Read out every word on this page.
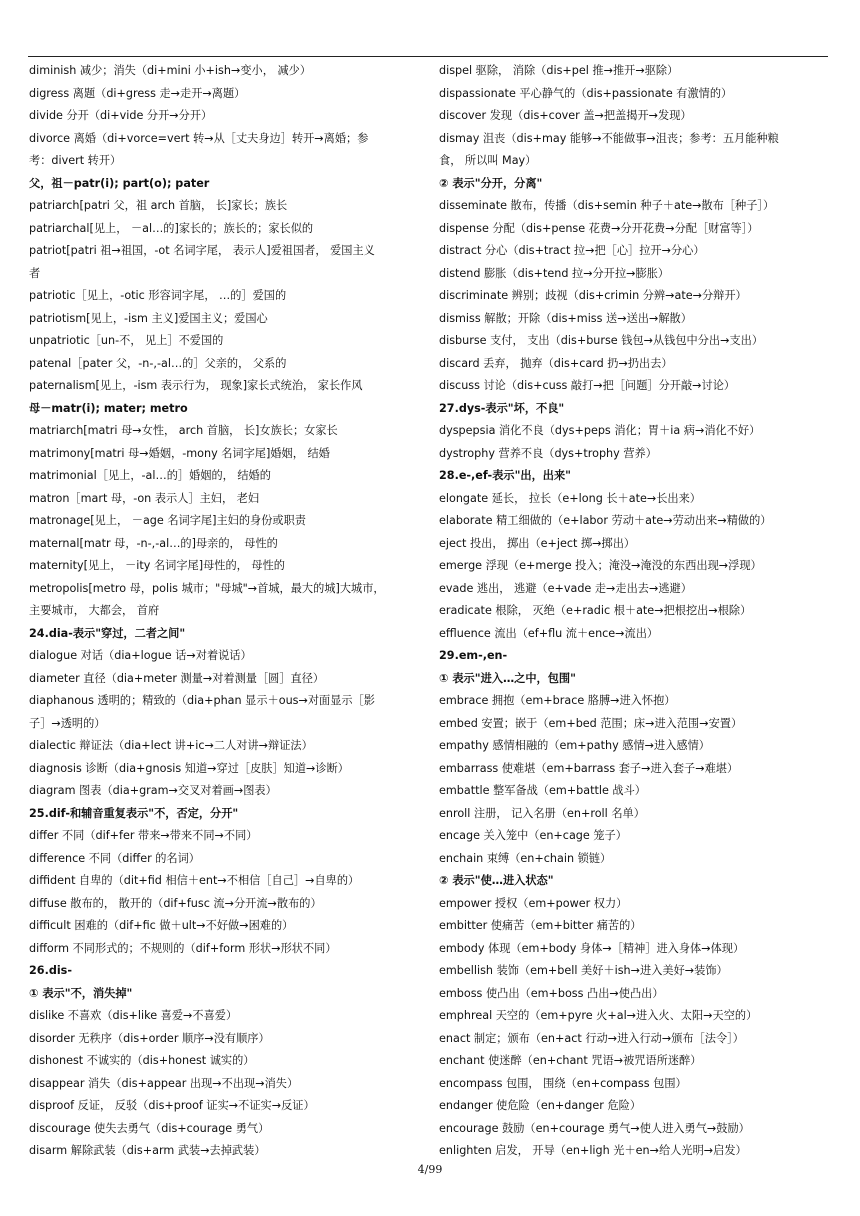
diminish 减少；消失（di+mini 小+ish→变小， 减少）
digress 离题（di+gress 走→走开→离题）
divide 分开（di+vide 分开→分开）
divorce 离婚（di+vorce=vert 转→从［丈夫身边］转开→离婚；参
考：divert 转开）
父，祖－patr(i); part(o); pater
patriarch[patri 父，祖 arch 首脑， 长]家长；族长
patriarchal[见上， －al…的]家长的；族长的；家长似的
patriot[patri 祖→祖国，-ot 名词字尾， 表示人]爱祖国者， 爱国主义
者
patriotic［见上，-otic 形容词字尾， …的］爱国的
patriotism[见上，-ism 主义]爱国主义；爱国心
unpatriotic［un-不， 见上］不爱国的
patenal［pater 父，-n-,-al…的］父亲的， 父系的
paternalism[见上，-ism 表示行为， 现象]家长式统治， 家长作风
母－matr(i); mater; metro
matriarch[matri 母→女性， arch 首脑， 长]女族长；女家长
matrimony[matri 母→婚姻，-mony 名词字尾]婚姻， 结婚
matrimonial［见上，-al…的］婚姻的， 结婚的
matron［mart 母，-on 表示人］主妇， 老妇
matronage[见上， －age 名词字尾]主妇的身份或职责
maternal[matr 母，-n-,-al…的]母亲的， 母性的
maternity[见上， －ity 名词字尾]母性的， 母性的
metropolis[metro 母，polis 城市；"母城"→首城，最大的城]大城市，
主要城市， 大都会， 首府
24.dia-表示"穿过，二者之间"
dialogue 对话（dia+logue 话→对着说话）
diameter 直径（dia+meter 测量→对着测量［圆］直径）
diaphanous 透明的；精致的（dia+phan 显示＋ous→对面显示［影
子］→透明的）
dialectic 辩证法（dia+lect 讲+ic→二人对讲→辩证法）
diagnosis 诊断（dia+gnosis 知道→穿过［皮肤］知道→诊断）
diagram 图表（dia+gram→交叉对着画→图表）
25.dif-和辅音重复表示"不，否定，分开"
differ 不同（dif+fer 带来→带来不同→不同）
difference 不同（differ 的名词）
diffident 自卑的（dit+fid 相信＋ent→不相信［自己］→自卑的）
diffuse 散布的， 散开的（dif+fusc 流→分开流→散布的）
difficult 困难的（dif+fic 做＋ult→不好做→困难的）
difform 不同形式的；不规则的（dif+form 形状→形状不同）
26.dis-
① 表示"不，消失掉"
dislike 不喜欢（dis+like 喜爱→不喜爱）
disorder 无秩序（dis+order 顺序→没有顺序）
dishonest 不诚实的（dis+honest 诚实的）
disappear 消失（dis+appear 出现→不出现→消失）
disproof 反证， 反驳（dis+proof 证实→不证实→反证）
discourage 使失去勇气（dis+courage 勇气）
disarm 解除武装（dis+arm 武装→去掉武装）
dispel 驱除， 消除（dis+pel 推→推开→驱除）
dispassionate 平心静气的（dis+passionate 有激情的）
discover 发现（dis+cover 盖→把盖揭开→发现）
dismay 沮丧（dis+may 能够→不能做事→沮丧；参考：五月能种粮
食， 所以叫 May）
② 表示"分开，分离"
disseminate 散布，传播（dis+semin 种子＋ate→散布［种子］）
dispense 分配（dis+pense 花费→分开花费→分配［财富等］）
distract 分心（dis+tract 拉→把［心］拉开→分心）
distend 膨胀（dis+tend 拉→分开拉→膨胀）
discriminate 辨别；歧视（dis+crimin 分辨→ate→分辩开）
dismiss 解散；开除（dis+miss 送→送出→解散）
disburse 支付， 支出（dis+burse 钱包→从钱包中分出→支出）
discard 丢弃， 抛弃（dis+card 扔→扔出去）
discuss 讨论（dis+cuss 敲打→把［问题］分开敲→讨论）
27.dys-表示"坏，不良"
dyspepsia 消化不良（dys+peps 消化；胃＋ia 病→消化不好）
dystrophy 营养不良（dys+trophy 营养）
28.e-,ef-表示"出，出来"
elongate 延长， 拉长（e+long 长＋ate→长出来）
elaborate 精工细做的（e+labor 劳动＋ate→劳动出来→精做的）
eject 投出， 掷出（e+ject 掷→掷出）
emerge 浮现（e+merge 投入；淹没→淹没的东西出现→浮现）
evade 逃出， 逃避（e+vade 走→走出去→逃避）
eradicate 根除， 灭绝（e+radic 根＋ate→把根挖出→根除）
effluence 流出（ef+flu 流＋ence→流出）
29.em-,en-
① 表示"进入…之中，包围"
embrace 拥抱（em+brace 胳膊→进入怀抱）
embed 安置；嵌于（em+bed 范围；床→进入范围→安置）
empathy 感情相融的（em+pathy 感情→进入感情）
embarrass 使难堪（em+barrass 套子→进入套子→难堪）
embattle 整军备战（em+battle 战斗）
enroll 注册， 记入名册（en+roll 名单）
encage 关入笼中（en+cage 笼子）
enchain 束缚（en+chain 锁链）
② 表示"使…进入状态"
empower 授权（em+power 权力）
embitter 使痛苦（em+bitter 痛苦的）
embody 体现（em+body 身体→［精神］进入身体→体现）
embellish 装饰（em+bell 美好＋ish→进入美好→装饰）
emboss 使凸出（em+boss 凸出→使凸出）
emphreal 天空的（em+pyre 火+al→进入火、太阳→天空的）
enact 制定；颁布（en+act 行动→进入行动→颁布［法令］）
enchant 使迷醉（en+chant 咒语→被咒语所迷醉）
encompass 包围， 围绕（en+compass 包围）
endanger 使危险（en+danger 危险）
encourage 鼓励（en+courage 勇气→使人进入勇气→鼓励）
enlighten 启发， 开导（en+ligh 光＋en→给人光明→启发）
4/99
